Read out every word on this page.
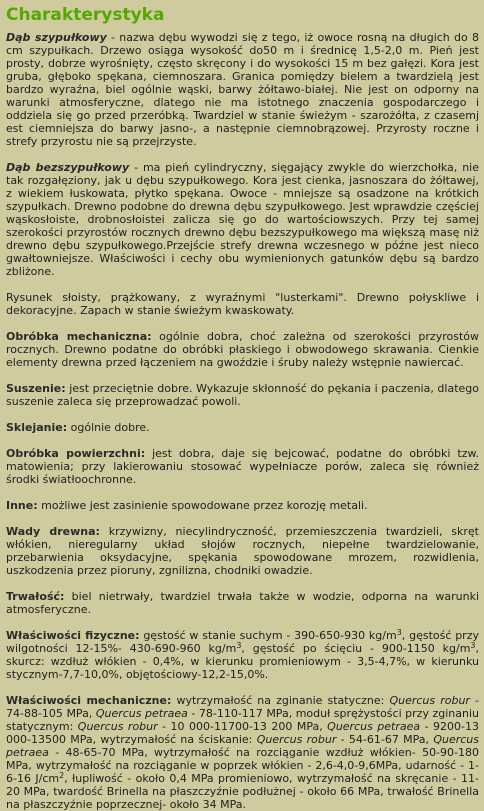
Charakterystyka

Dąb szypułkowy - nazwa dębu wywodzi się z tego, iż owoce rosną na długich do 8 cm szypułkach. Drzewo osiąga wysokość do50 m i średnicę 1,5-2,0 m. Pień jest prosty, dobrze wyrośnięty, często skręcony i do wysokości 15 m bez gałęzi. Kora jest gruba, głęboko spękana, ciemnoszara. Granica pomiędzy bielem a twardzielą jest bardzo wyraźna, biel ogólnie wąski, barwy żółtawo-białej. Nie jest on odporny na warunki atmosferyczne, dlatego nie ma istotnego znaczenia gospodarczego i oddziela się go przed przeróbką. Twardziel w stanie świeżym - szarożółta, z czasemj est ciemniejsza do barwy jasno-, a następnie ciemnobrązowej. Przyrosty roczne i strefy przyrostu nie są przejrzyste.

Dąb bezszypułkowy - ma pień cylindryczny, sięgający zwykle do wierzchołka, nie tak rozgałęziony, jak u dębu szypułkowego. Kora jest cienka, jasnoszara do żółtawej, z wiekiem łuskowata, płytko spękana. Owoce - mniejsze są osadzone na krótkich szypułkach. Drewno podobne do drewna dębu szypułkowego. Jest wprawdzie częściej wąskosłoiste, drobnosłoistei zalicza się go do wartościowszych. Przy tej samej szerokości przyrostów rocznych drewno dębu bezszypułkowego ma większą masę niż drewno dębu szypułkowego.Przejście strefy drewna wczesnego w późne jest nieco gwałtowniejsze. Właściwości i cechy obu wymienionych gatunków dębu są bardzo zbliżone.

Rysunek słoisty, prążkowany, z wyraźnymi "lusterkami". Drewno połyskliwe i dekoracyjne. Zapach w stanie świeżym kwaskowaty.

Obróbka mechaniczna: ogólnie dobra, choć zależna od szerokości przyrostów rocznych. Drewno podatne do obróbki płaskiego i obwodowego skrawania. Cienkie elementy drewna przed łączeniem na gwoździe i śruby należy wstępnie nawiercać.

Suszenie: jest przeciętnie dobre. Wykazuje skłonność do pękania i paczenia, dlatego suszenie zaleca się przeprowadzać powoli.

Sklejanie: ogólnie dobre.

Obróbka powierzchni: jest dobra, daje się bejcować, podatne do obróbki tzw. matowienia; przy lakierowaniu stosować wypełniacze porów, zaleca się również środki światłoochronne.

Inne: możliwe jest zasinienie spowodowane przez korozję metali.

Wady drewna: krzywizny, niecylindryczność, przemieszczenia twardzieli, skręt włókien, nieregularny układ słojów rocznych, niepełne twardzielowanie, przebarwienia oksydacyjne, spękania spowodowane mrozem, rozwidlenia, uszkodzenia przez pioruny, zgnilizna, chodniki owadzie.

Trwałość: biel nietrwały, twardziel trwała także w wodzie, odporna na warunki atmosferyczne.

Właściwości fizyczne: gęstość w stanie suchym - 390-650-930 $kg/m^3$, gęstość przy wilgotności 12-15%- 430-690-960 $kg/m^3$, gęstość po ścięciu - 900-1150 $kg/m^3$, skurcz: wzdłuż włókien - 0,4%, w kierunku promieniowym - 3,5-4,7%, w kierunku stycznym-7,7-10,0%, objętościowy-12,2-15,0%.

Właściwości mechaniczne: wytrzymałość na zginanie statyczne: Quercus robur - 74-88-105 MPa, Quercus petraea - 78-110-117 MPa, moduł sprężystości przy zginaniu statycznym: Quercus robur - 10 000-11700-13 200 MPa, Quercus petraea - 9200-13 000-13500 MPa, wytrzymałość na ściskanie: Quercus robur - 54-61-67 MPa, Quercus petraea - 48-65-70 MPa, wytrzymałość na rozciąganie wzdłuż włókien- 50-90-180 MPa, wytrzymałość na rozciąganie w poprzek włókien - 2,6-4,0-9,6MPa, udarność - 1-6-16 $J/cm^2$, łupliwość - około 0,4 MPa promieniowo, wytrzymałość na skręcanie - 11-20 MPa, twardość Brinella na płaszczyźnie podłużnej - około 66 MPa, trwałość Brinella na płaszczyźnie poprzecznej- około 34 MPa.
